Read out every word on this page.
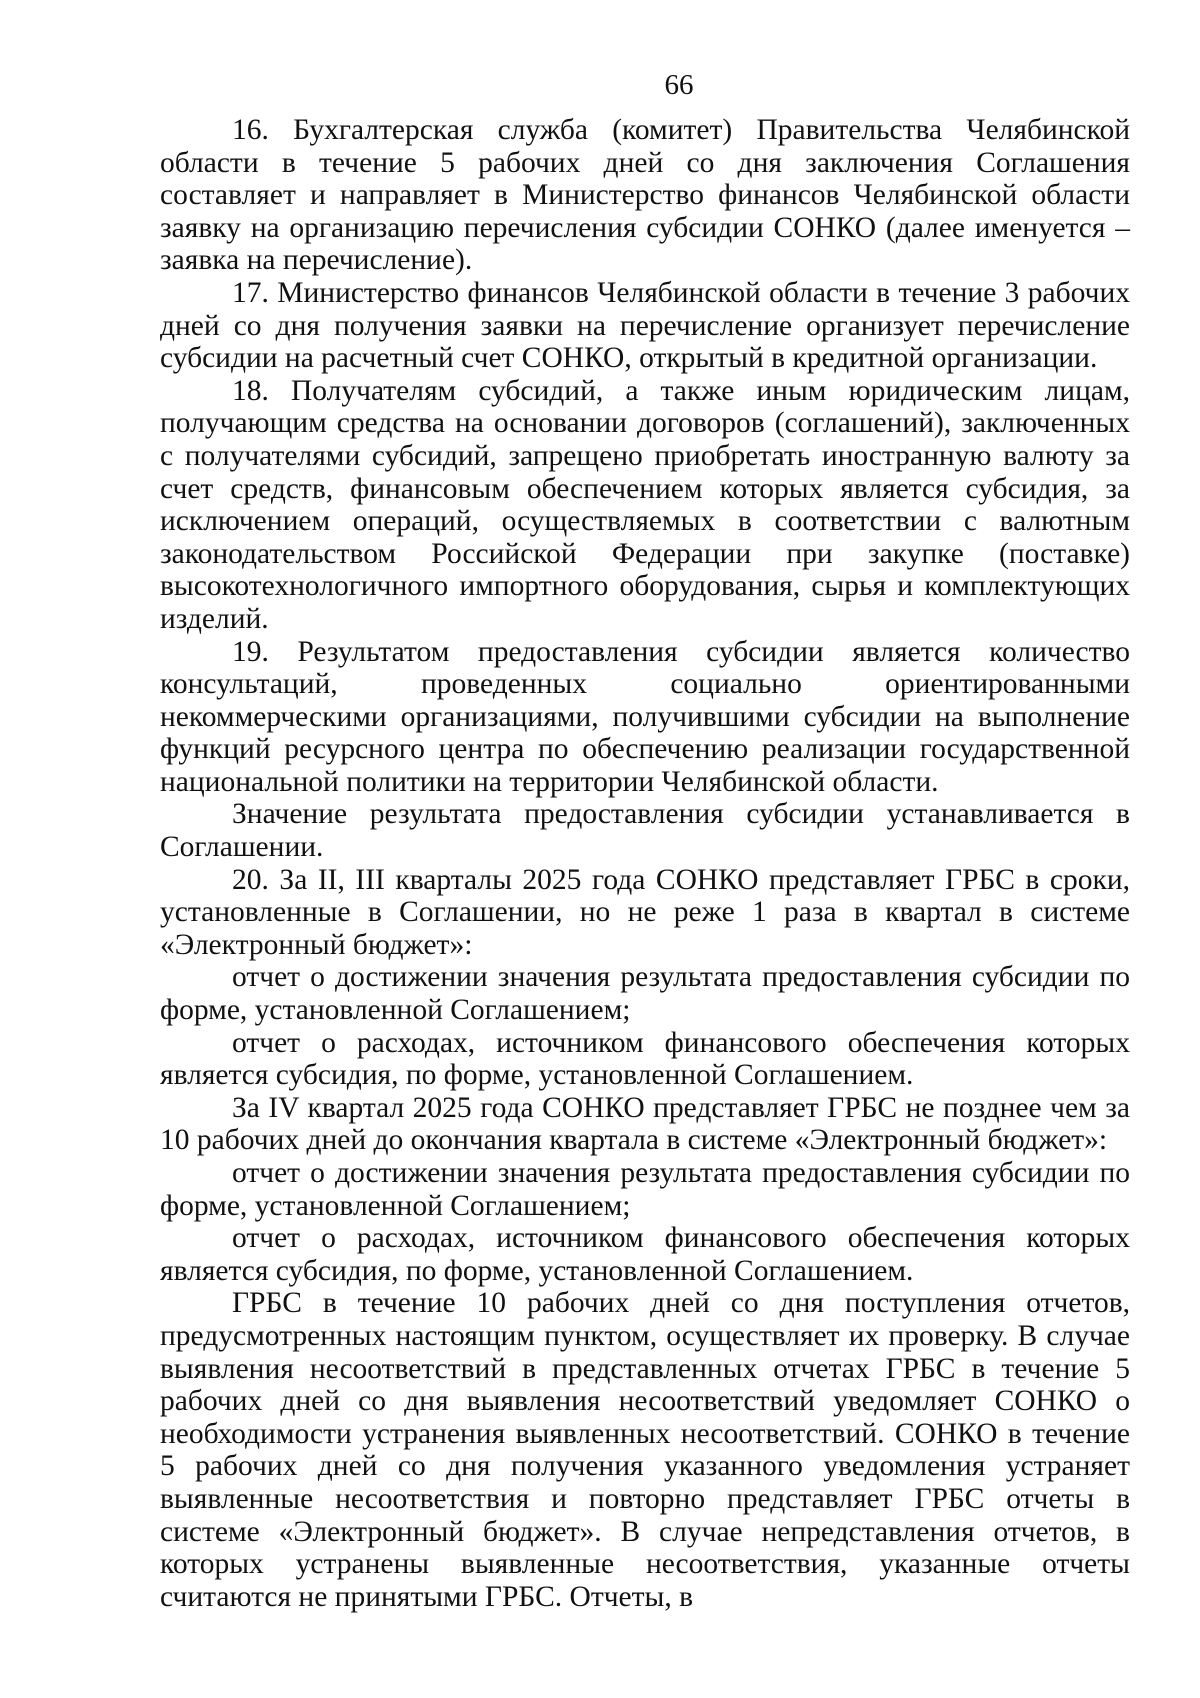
66

16. Бухгалтерская служба (комитет) Правительства Челябинской области в течение 5 рабочих дней со дня заключения Соглашения составляет и направляет в Министерство финансов Челябинской области заявку на организацию перечисления субсидии СОНКО (далее именуется – заявка на перечисление).

17. Министерство финансов Челябинской области в течение 3 рабочих дней со дня получения заявки на перечисление организует перечисление субсидии на расчетный счет СОНКО, открытый в кредитной организации.

18. Получателям субсидий, а также иным юридическим лицам, получающим средства на основании договоров (соглашений), заключенных с получателями субсидий, запрещено приобретать иностранную валюту за счет средств, финансовым обеспечением которых является субсидия, за исключением операций, осуществляемых в соответствии с валютным законодательством Российской Федерации при закупке (поставке) высокотехнологичного импортного оборудования, сырья и комплектующих изделий.

19. Результатом предоставления субсидии является количество консультаций, проведенных социально ориентированными некоммерческими организациями, получившими субсидии на выполнение функций ресурсного центра по обеспечению реализации государственной национальной политики на территории Челябинской области.

Значение результата предоставления субсидии устанавливается в Соглашении.

20. За II, III кварталы 2025 года СОНКО представляет ГРБС в сроки, установленные в Соглашении, но не реже 1 раза в квартал в системе «Электронный бюджет»:

отчет о достижении значения результата предоставления субсидии по форме, установленной Соглашением;

отчет о расходах, источником финансового обеспечения которых является субсидия, по форме, установленной Соглашением.

За IV квартал 2025 года СОНКО представляет ГРБС не позднее чем за 10 рабочих дней до окончания квартала в системе «Электронный бюджет»:

отчет о достижении значения результата предоставления субсидии по форме, установленной Соглашением;

отчет о расходах, источником финансового обеспечения которых является субсидия, по форме, установленной Соглашением.

ГРБС в течение 10 рабочих дней со дня поступления отчетов, предусмотренных настоящим пунктом, осуществляет их проверку. В случае выявления несоответствий в представленных отчетах ГРБС в течение 5 рабочих дней со дня выявления несоответствий уведомляет СОНКО о необходимости устранения выявленных несоответствий. СОНКО в течение 5 рабочих дней со дня получения указанного уведомления устраняет выявленные несоответствия и повторно представляет ГРБС отчеты в системе «Электронный бюджет». В случае непредставления отчетов, в которых устранены выявленные несоответствия, указанные отчеты считаются не принятыми ГРБС. Отчеты, в
